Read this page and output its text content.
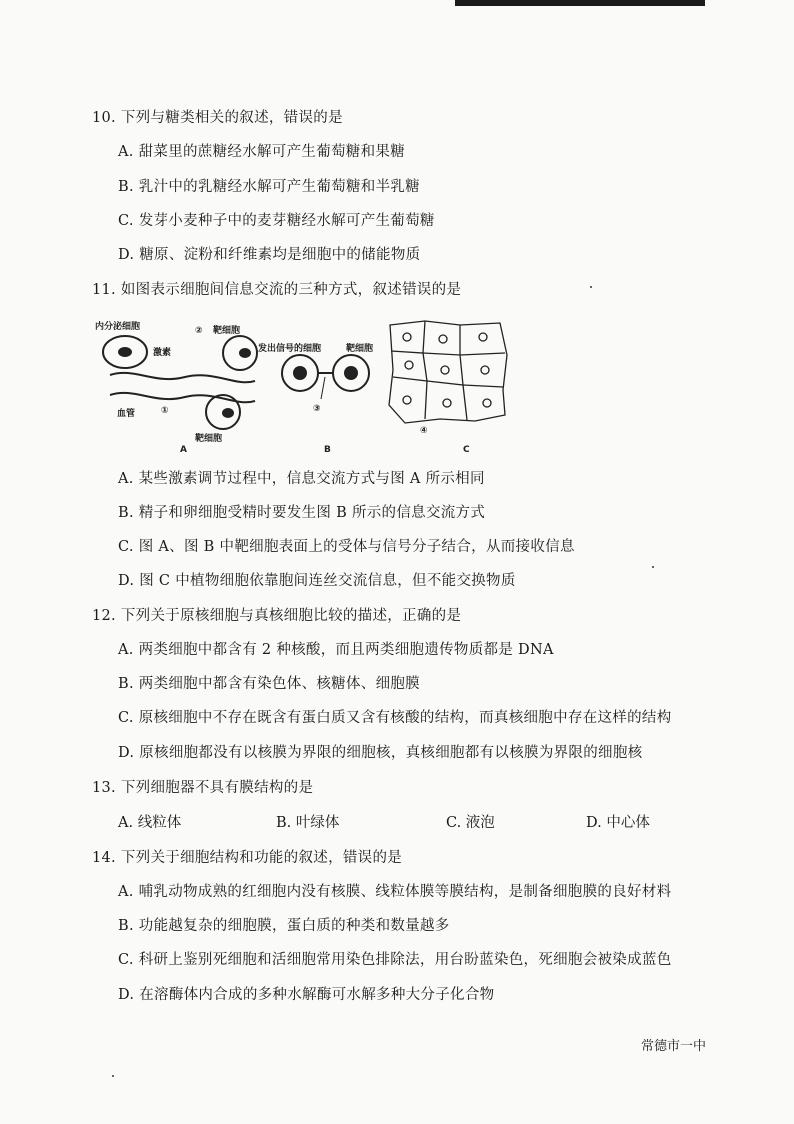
10. 下列与糖类相关的叙述，错误的是
A. 甜菜里的蔗糖经水解可产生葡萄糖和果糖
B. 乳汁中的乳糖经水解可产生葡萄糖和半乳糖
C. 发芽小麦种子中的麦芽糖经水解可产生葡萄糖
D. 糖原、淀粉和纤维素均是细胞中的储能物质
11. 如图表示细胞间信息交流的三种方式，叙述错误的是
内分泌细胞
激素
血管	①
② 靶细胞
靶细胞
A
发出信号的细胞	靶细胞
③
B
④
C
A. 某些激素调节过程中，信息交流方式与图 A 所示相同
B. 精子和卵细胞受精时要发生图 B 所示的信息交流方式
C. 图 A、图 B 中靶细胞表面上的受体与信号分子结合，从而接收信息
D. 图 C 中植物细胞依靠胞间连丝交流信息，但不能交换物质
12. 下列关于原核细胞与真核细胞比较的描述，正确的是
A. 两类细胞中都含有 2 种核酸，而且两类细胞遗传物质都是 DNA
B. 两类细胞中都含有染色体、核糖体、细胞膜
C. 原核细胞中不存在既含有蛋白质又含有核酸的结构，而真核细胞中存在这样的结构
D. 原核细胞都没有以核膜为界限的细胞核，真核细胞都有以核膜为界限的细胞核
13. 下列细胞器不具有膜结构的是
A. 线粒体	B. 叶绿体	C. 液泡	D. 中心体
14. 下列关于细胞结构和功能的叙述，错误的是
A. 哺乳动物成熟的红细胞内没有核膜、线粒体膜等膜结构，是制备细胞膜的良好材料
B. 功能越复杂的细胞膜，蛋白质的种类和数量越多
C. 科研上鉴别死细胞和活细胞常用染色排除法，用台盼蓝染色，死细胞会被染成蓝色
D. 在溶酶体内合成的多种水解酶可水解多种大分子化合物
常德市一中
